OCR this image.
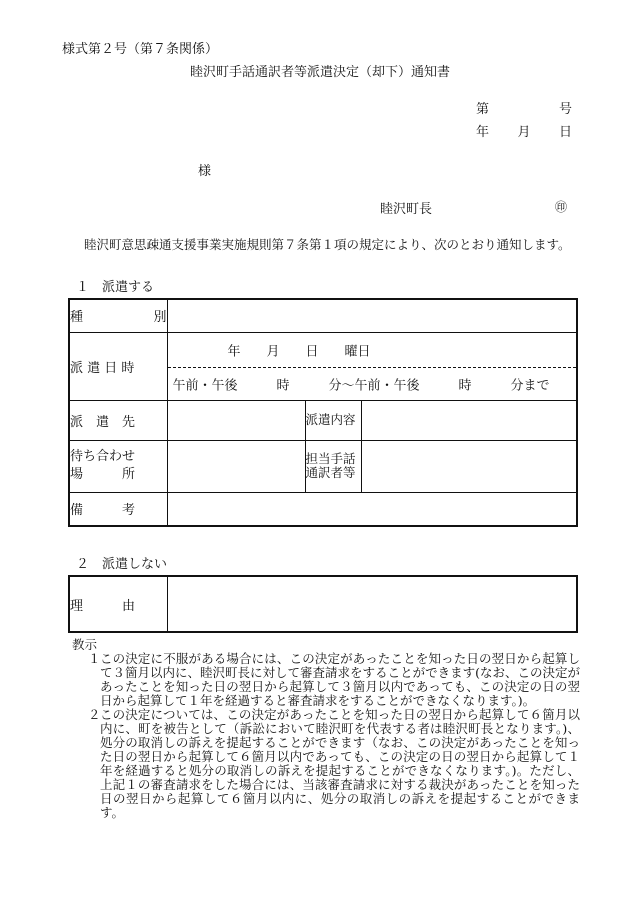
様式第２号（第７条関係）
睦沢町手話通訳者等派遣決定（却下）通知書
第	号
年 月 日
様
睦沢町長	㊞
睦沢町意思疎通支援事業実施規則第７条第１項の規定により、次のとおり通知します。
１　派遣する
種 別			

派 遣 日 時	年　　月　　日　　曜日
午前・午後　　　時　　　分～午前・午後　　　時　　　分まで		

派　遣　先		派遣内容	

待ち合わせ
場　　　所		担当手話通訳者等	
備　　　考			
２　派遣しない
理　　　由	
教示
１ この決定に不服がある場合には、この決定があったことを知った日の翌日から起算して３箇月以内に、睦沢町長に対して審査請求をすることができます(なお、この決定があったことを知った日の翌日から起算して３箇月以内であっても、この決定の日の翌日から起算して１年を経過すると審査請求をすることができなくなります。)。
２ この決定については、この決定があったことを知った日の翌日から起算して６箇月以内に、町を被告として（訴訟において睦沢町を代表する者は睦沢町長となります。)、処分の取消しの訴えを提起することができます（なお、この決定があったことを知った日の翌日から起算して６箇月以内であっても、この決定の日の翌日から起算して１年を経過すると処分の取消しの訴えを提起することができなくなります。)。ただし、上記１の審査請求をした場合には、当該審査請求に対する裁決があったことを知った日の翌日から起算して６箇月以内に、処分の取消しの訴えを提起することができます。
